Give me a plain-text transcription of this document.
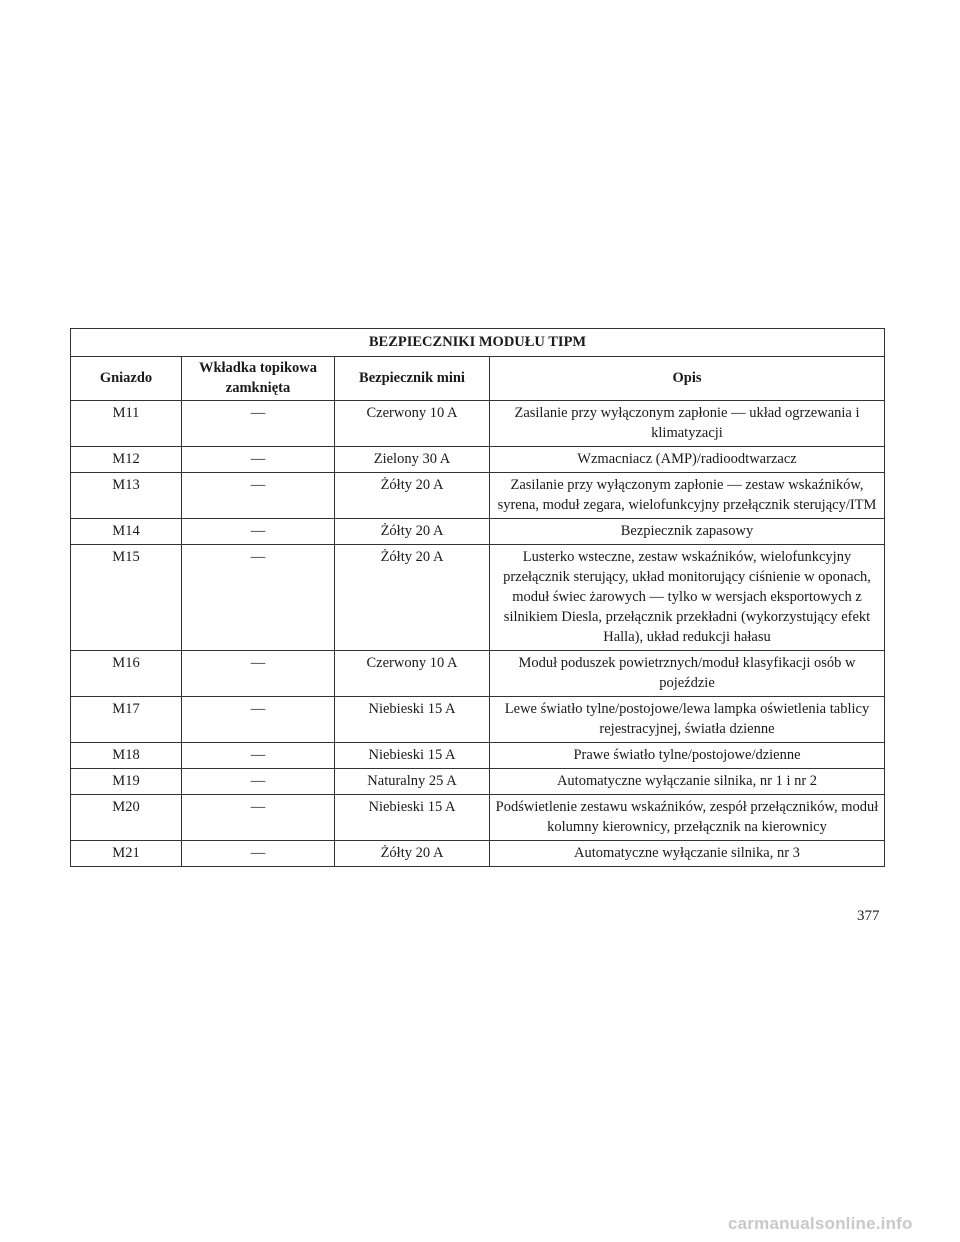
BEZPIECZNIKI MODUŁU TIPM			
Gniazdo	Wkładka topikowa zamknięta	Bezpiecznik mini	Opis
M11	—	Czerwony 10 A	Zasilanie przy wyłączonym zapłonie — układ ogrzewania i klimatyzacji
M12	—	Zielony 30 A	Wzmacniacz (AMP)/radioodtwarzacz
M13	—	Żółty 20 A	Zasilanie przy wyłączonym zapłonie — zestaw wskaźników, syrena, moduł zegara, wielofunkcyjny przełącznik sterujący/ITM
M14	—	Żółty 20 A	Bezpiecznik zapasowy
M15	—	Żółty 20 A	Lusterko wsteczne, zestaw wskaźników, wielofunkcyjny przełącznik sterujący, układ monitorujący ciśnienie w oponach, moduł świec żarowych — tylko w wersjach eksportowych z silnikiem Diesla, przełącznik przekładni (wykorzystujący efekt Halla), układ redukcji hałasu
M16	—	Czerwony 10 A	Moduł poduszek powietrznych/moduł klasyfikacji osób w pojeździe
M17	—	Niebieski 15 A	Lewe światło tylne/postojowe/lewa lampka oświetlenia tablicy rejestracyjnej, światła dzienne
M18	—	Niebieski 15 A	Prawe światło tylne/postojowe/dzienne
M19	—	Naturalny 25 A	Automatyczne wyłączanie silnika, nr 1 i nr 2
M20	—	Niebieski 15 A	Podświetlenie zestawu wskaźników, zespół przełączników, moduł kolumny kierownicy, przełącznik na kierownicy
M21	—	Żółty 20 A	Automatyczne wyłączanie silnika, nr 3
377
carmanualsonline.info
